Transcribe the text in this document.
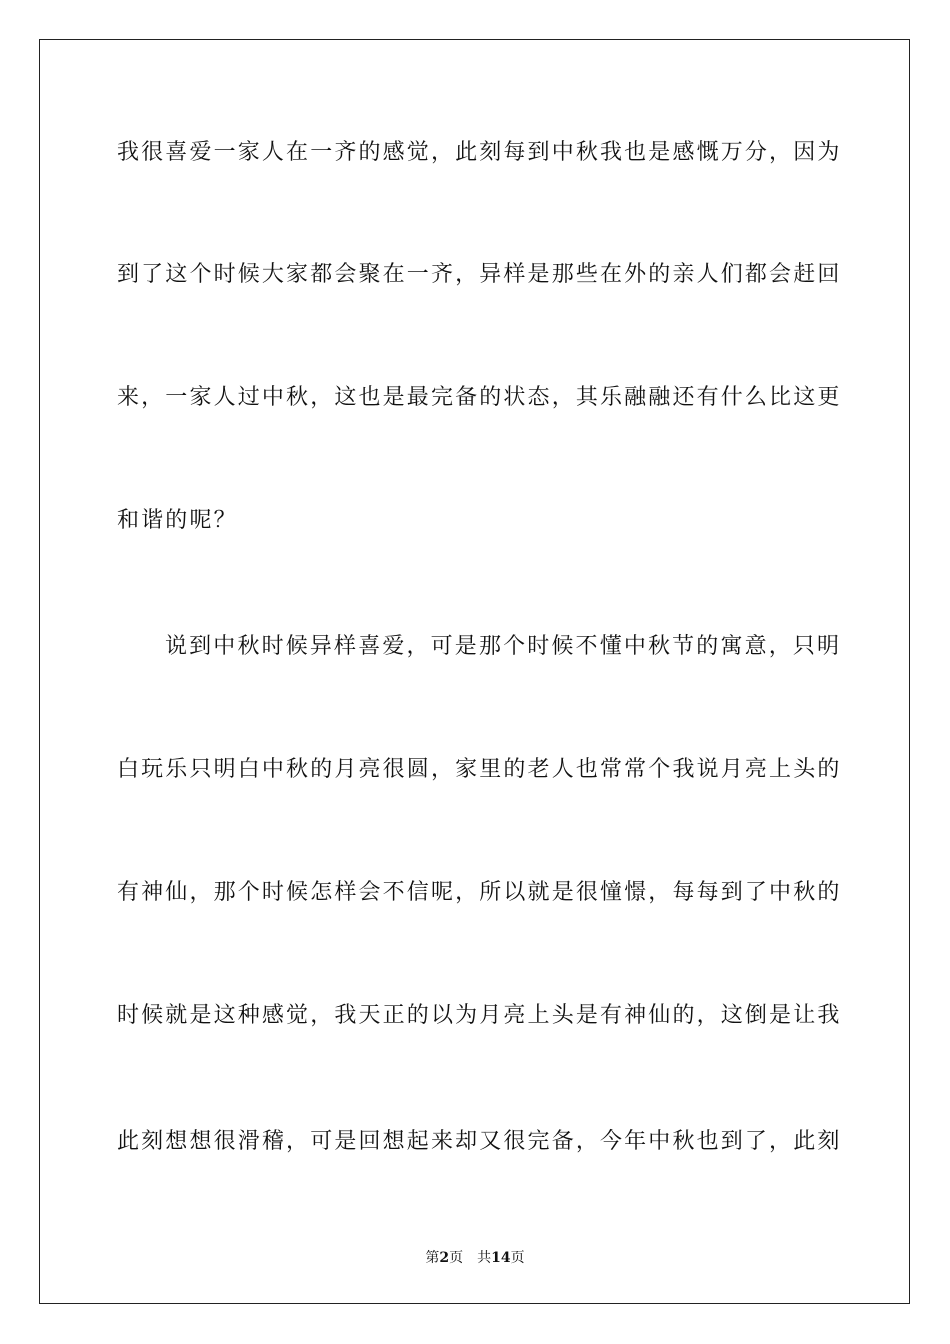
我很喜爱一家人在一齐的感觉，此刻每到中秋我也是感慨万分，因为
到了这个时候大家都会聚在一齐，异样是那些在外的亲人们都会赶回
来，一家人过中秋，这也是最完备的状态，其乐融融还有什么比这更
和谐的呢？
说到中秋时候异样喜爱，可是那个时候不懂中秋节的寓意，只明
白玩乐只明白中秋的月亮很圆，家里的老人也常常个我说月亮上头的
有神仙，那个时候怎样会不信呢，所以就是很憧憬，每每到了中秋的
时候就是这种感觉，我天正的以为月亮上头是有神仙的，这倒是让我
此刻想想很滑稽，可是回想起来却又很完备，今年中秋也到了，此刻
第2页 共14页
